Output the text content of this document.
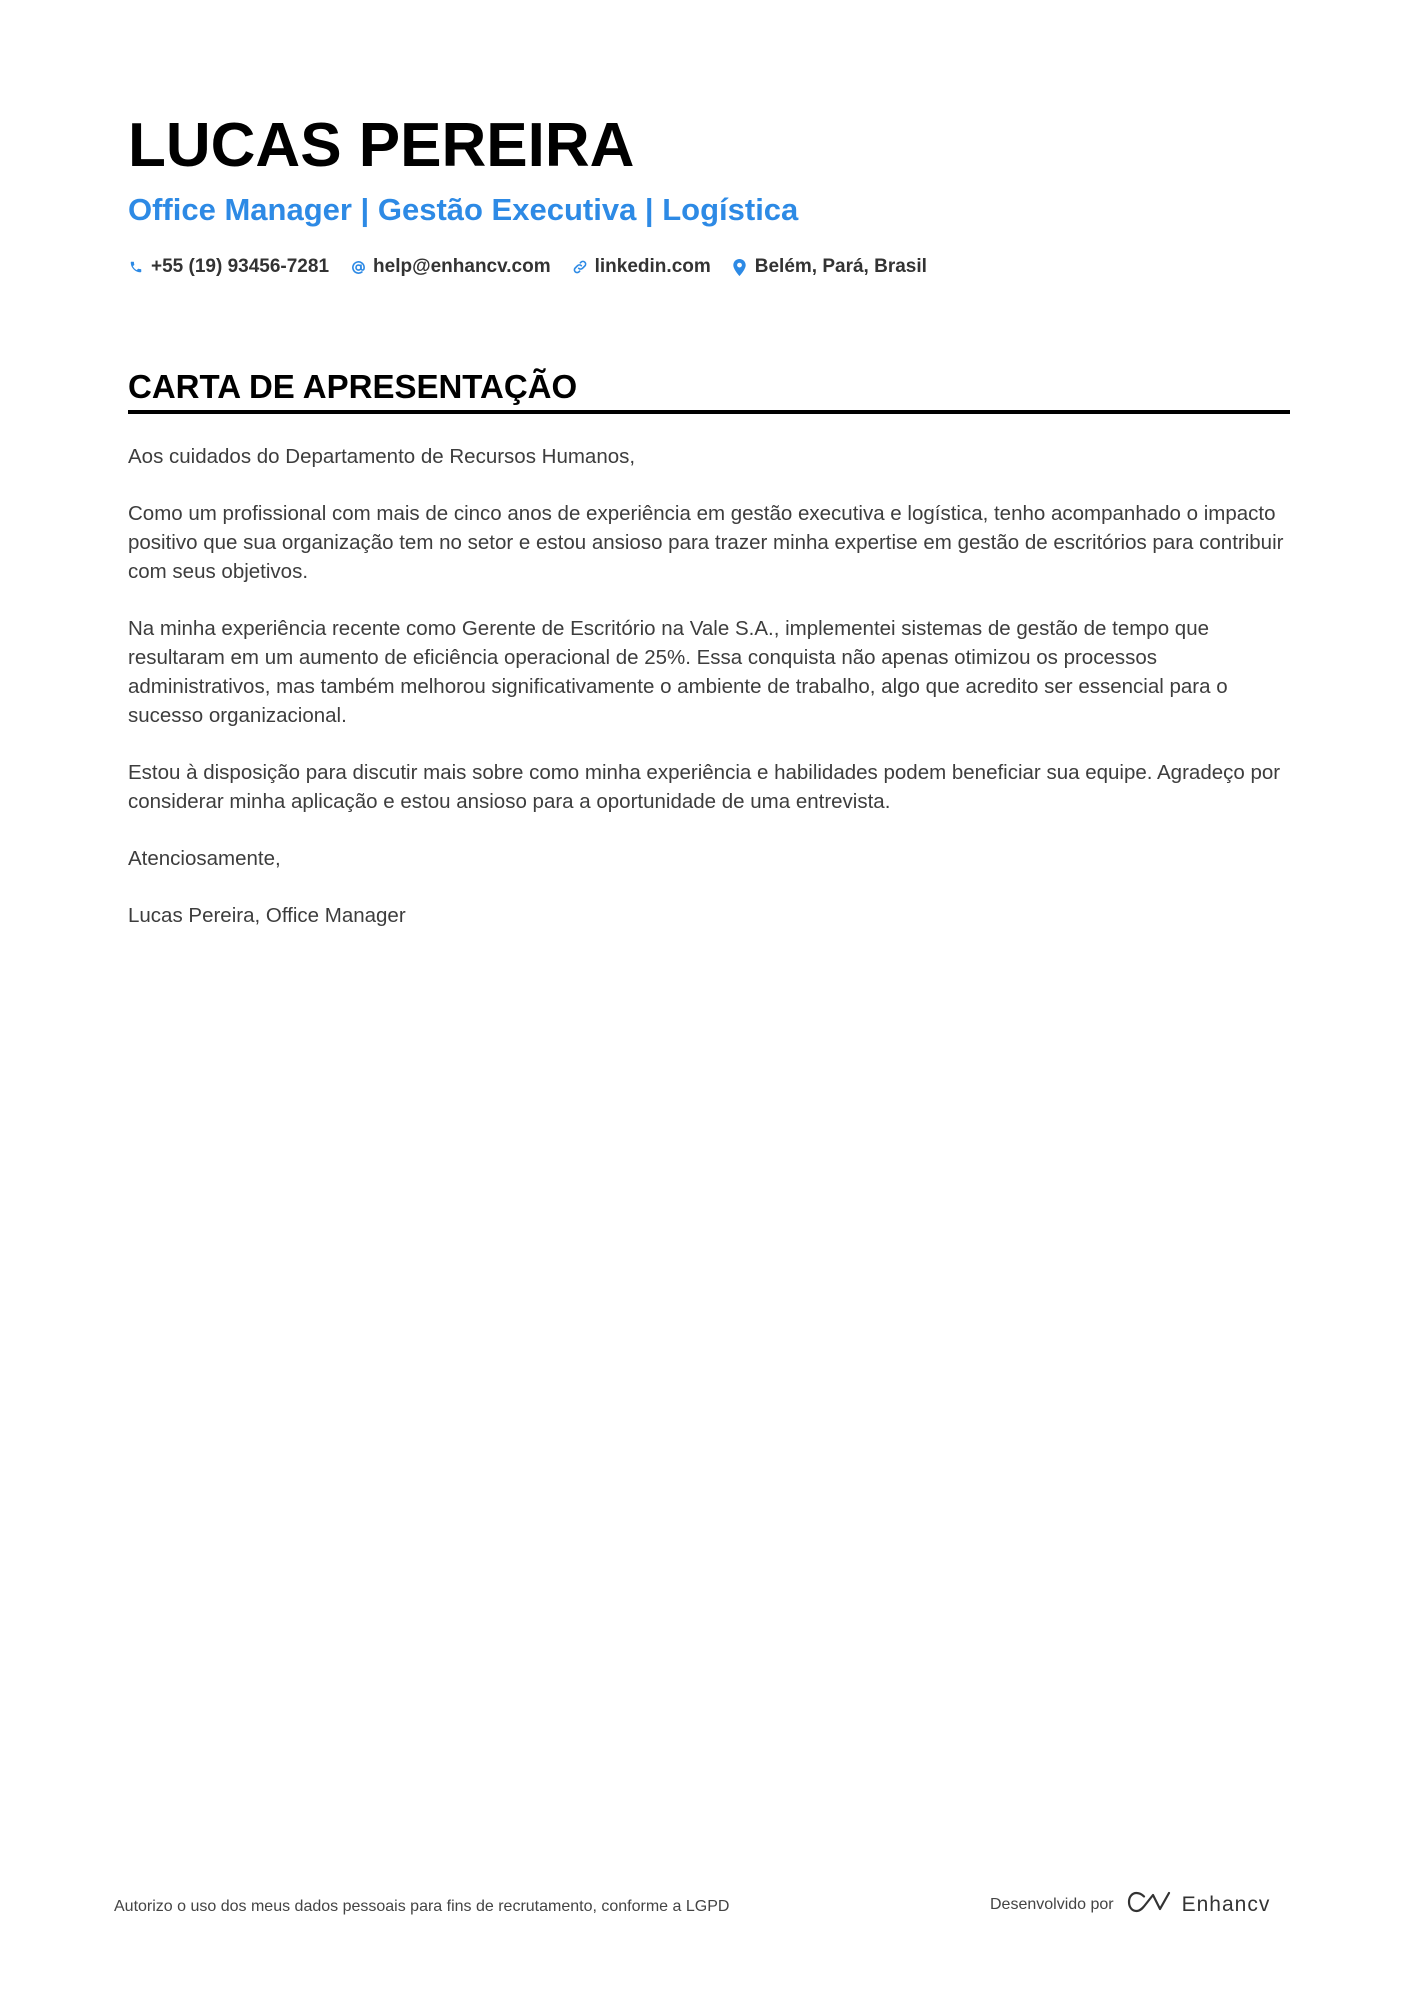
LUCAS PEREIRA
Office Manager | Gestão Executiva | Logística
+55 (19) 93456-7281 help@enhancv.com linkedin.com Belém, Pará, Brasil
CARTA DE APRESENTAÇÃO

Aos cuidados do Departamento de Recursos Humanos,

Como um profissional com mais de cinco anos de experiência em gestão executiva e logística, tenho acompanhado o impacto positivo que sua organização tem no setor e estou ansioso para trazer minha expertise em gestão de escritórios para contribuir com seus objetivos.

Na minha experiência recente como Gerente de Escritório na Vale S.A., implementei sistemas de gestão de tempo que resultaram em um aumento de eficiência operacional de 25%. Essa conquista não apenas otimizou os processos administrativos, mas também melhorou significativamente o ambiente de trabalho, algo que acredito ser essencial para o sucesso organizacional.

Estou à disposição para discutir mais sobre como minha experiência e habilidades podem beneficiar sua equipe. Agradeço por considerar minha aplicação e estou ansioso para a oportunidade de uma entrevista.

Atenciosamente,

Lucas Pereira, Office Manager

Autorizo o uso dos meus dados pessoais para fins de recrutamento, conforme a LGPD	Desenvolvido por	Enhancv
